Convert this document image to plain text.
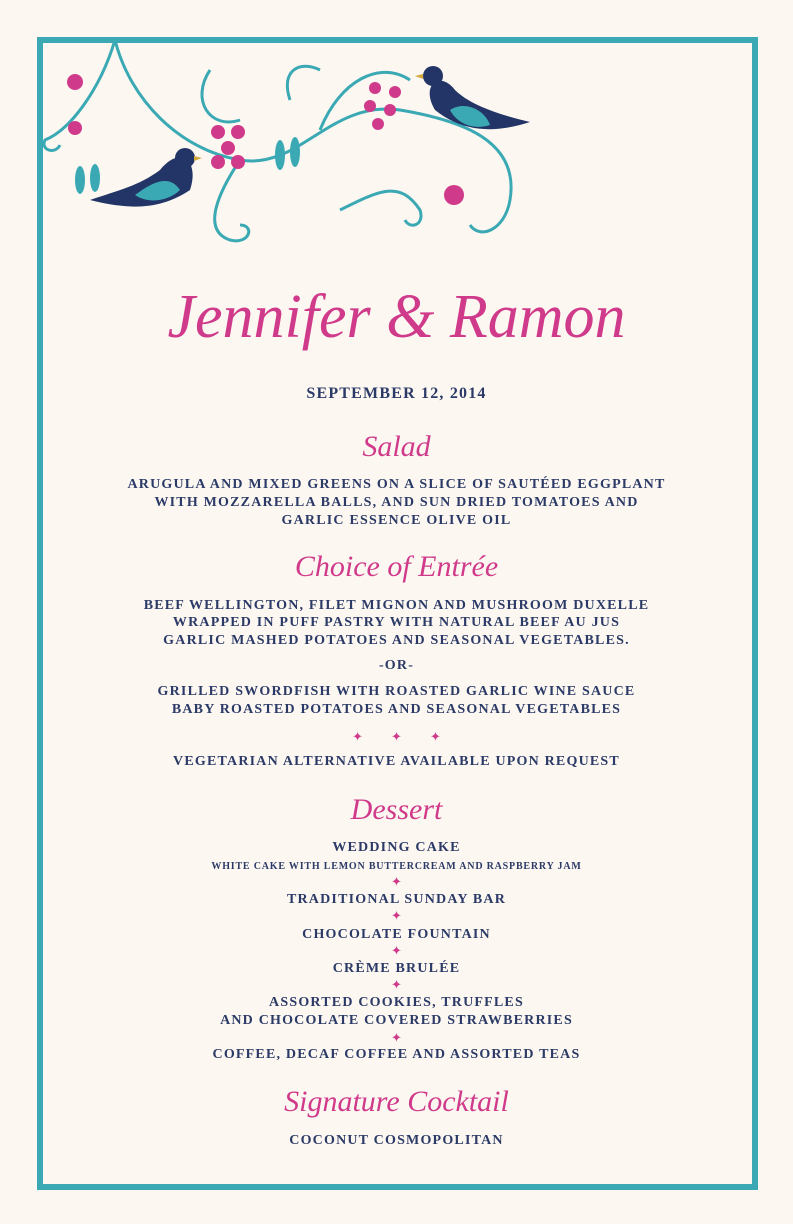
Jennifer & Ramon
SEPTEMBER 12, 2014
Salad
ARUGULA AND MIXED GREENS ON A SLICE OF SAUTÉED EGGPLANT
WITH MOZZARELLA BALLS, AND SUN DRIED TOMATOES AND
GARLIC ESSENCE OLIVE OIL
Choice of Entrée
BEEF WELLINGTON, FILET MIGNON AND MUSHROOM DUXELLE
WRAPPED IN PUFF PASTRY WITH NATURAL BEEF AU JUS
GARLIC MASHED POTATOES AND SEASONAL VEGETABLES.
-OR-
GRILLED SWORDFISH WITH ROASTED GARLIC WINE SAUCE
BABY ROASTED POTATOES AND SEASONAL VEGETABLES
✦✦✦
VEGETARIAN ALTERNATIVE AVAILABLE UPON REQUEST
Dessert
WEDDING CAKE
WHITE CAKE WITH LEMON BUTTERCREAM AND RASPBERRY JAM
✦
TRADITIONAL SUNDAY BAR
✦
CHOCOLATE FOUNTAIN
✦
CRÈME BRULÉE
✦
ASSORTED COOKIES, TRUFFLES
AND CHOCOLATE COVERED STRAWBERRIES
✦
COFFEE, DECAF COFFEE AND ASSORTED TEAS
Signature Cocktail
COCONUT COSMOPOLITAN
